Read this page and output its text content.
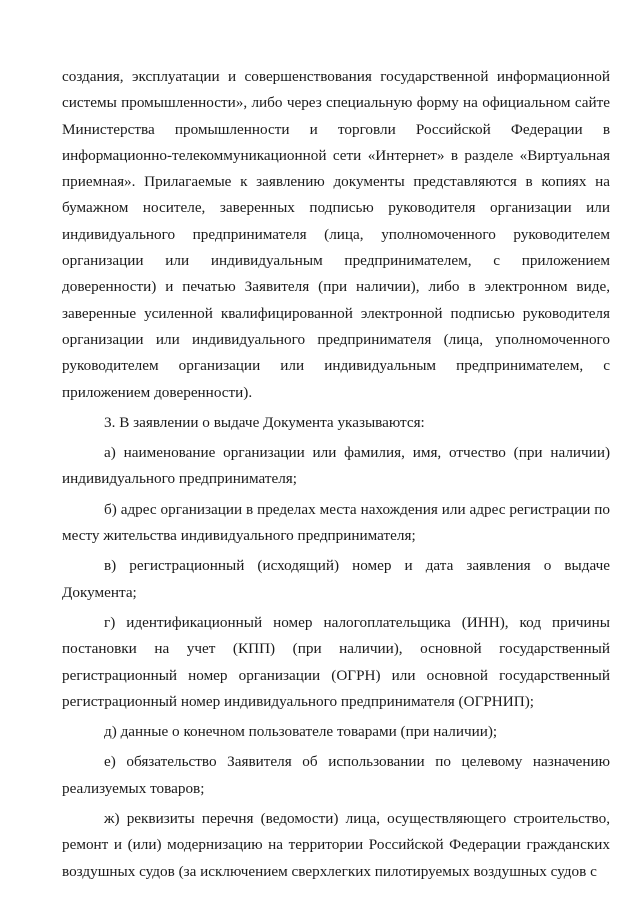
создания, эксплуатации и совершенствования государственной информационной системы промышленности», либо через специальную форму на официальном сайте Министерства промышленности и торговли Российской Федерации в информационно-телекоммуникационной сети «Интернет» в разделе «Виртуальная приемная». Прилагаемые к заявлению документы представляются в копиях на бумажном носителе, заверенных подписью руководителя организации или индивидуального предпринимателя (лица, уполномоченного руководителем организации или индивидуальным предпринимателем, с приложением доверенности) и печатью Заявителя (при наличии), либо в электронном виде, заверенные усиленной квалифицированной электронной подписью руководителя организации или индивидуального предпринимателя (лица, уполномоченного руководителем организации или индивидуальным предпринимателем, с приложением доверенности).

3. В заявлении о выдаче Документа указываются:

а) наименование организации или фамилия, имя, отчество (при наличии) индивидуального предпринимателя;

б) адрес организации в пределах места нахождения или адрес регистрации по месту жительства индивидуального предпринимателя;

в) регистрационный (исходящий) номер и дата заявления о выдаче Документа;

г) идентификационный номер налогоплательщика (ИНН), код причины постановки на учет (КПП) (при наличии), основной государственный регистрационный номер организации (ОГРН) или основной государственный регистрационный номер индивидуального предпринимателя (ОГРНИП);

д) данные о конечном пользователе товарами (при наличии);

е) обязательство Заявителя об использовании по целевому назначению реализуемых товаров;

ж) реквизиты перечня (ведомости) лица, осуществляющего строительство, ремонт и (или) модернизацию на территории Российской Федерации гражданских воздушных судов (за исключением сверхлегких пилотируемых воздушных судов с
